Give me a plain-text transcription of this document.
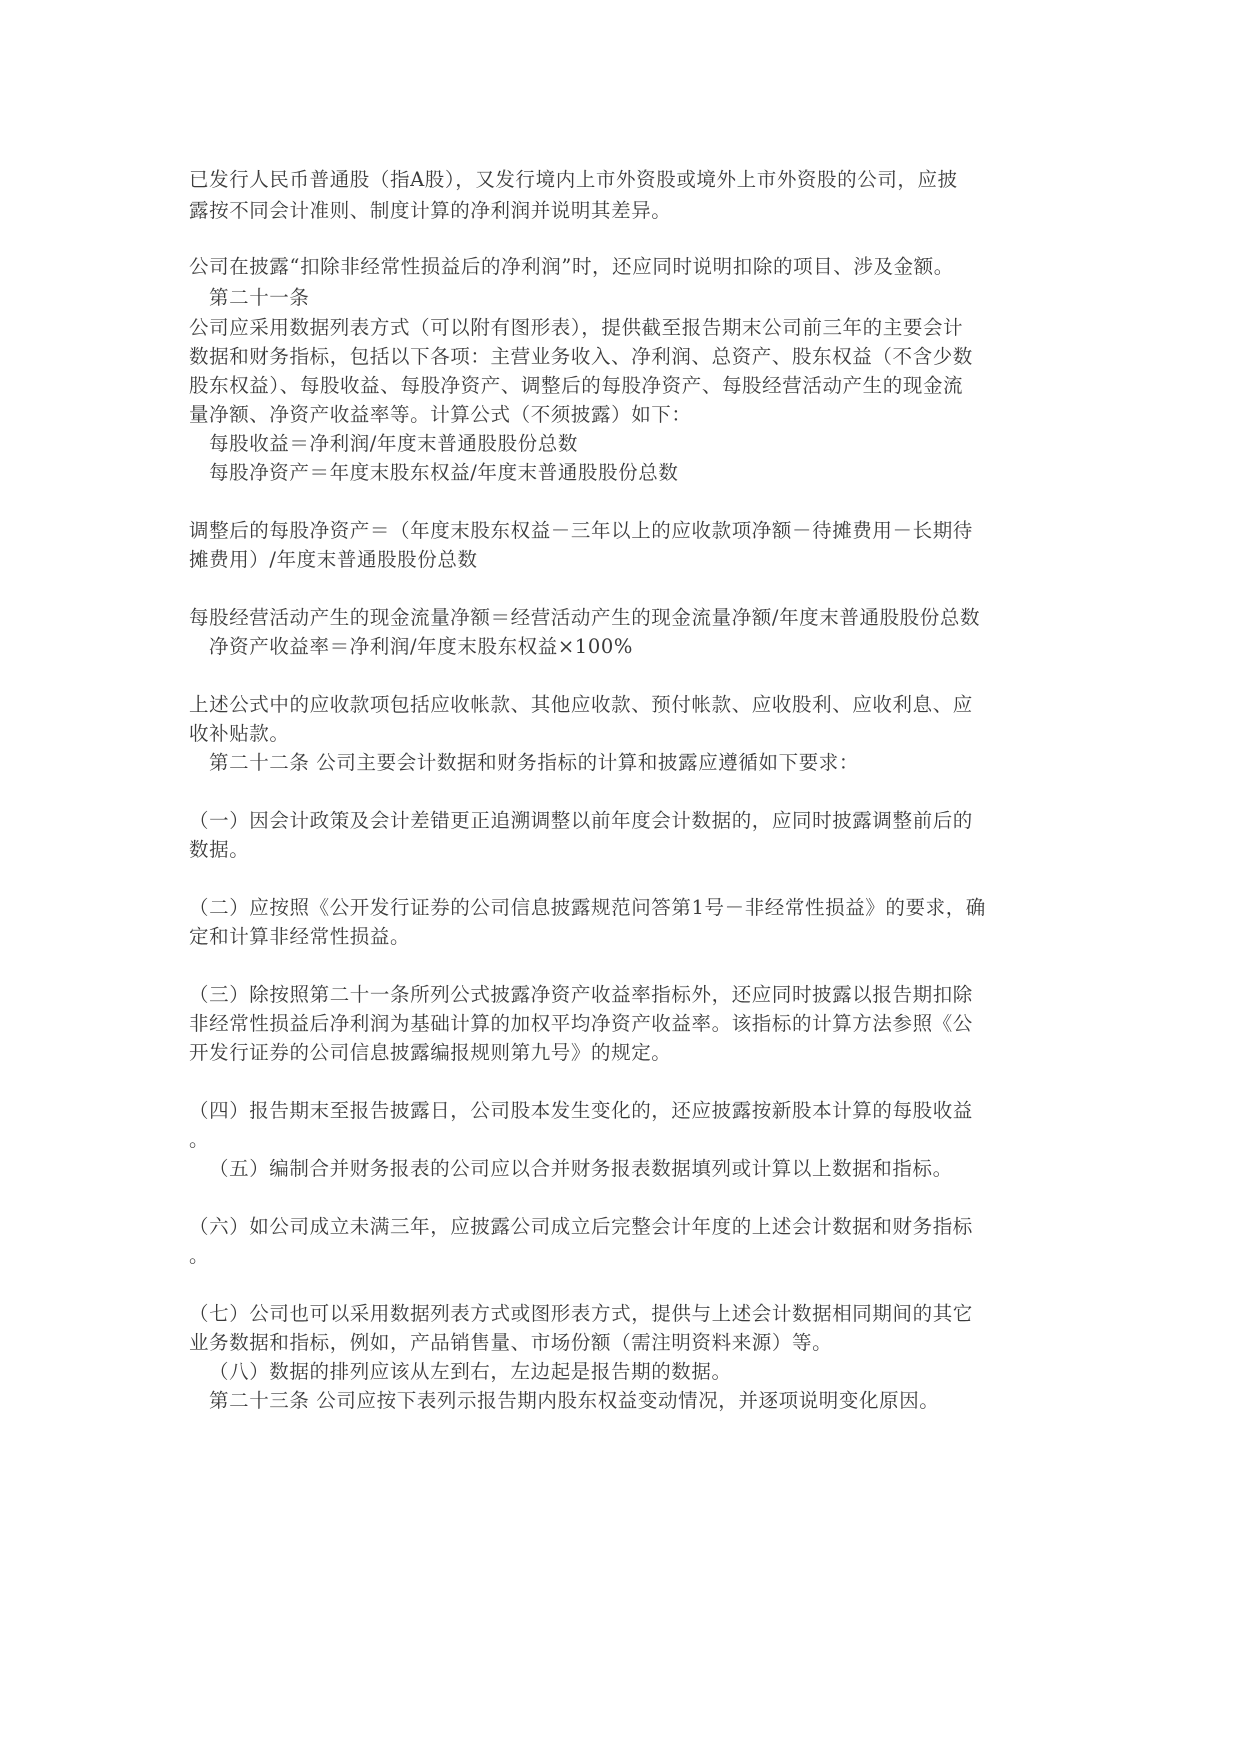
已发行人民币普通股（指A股），又发行境内上市外资股或境外上市外资股的公司，应披
露按不同会计准则、制度计算的净利润并说明其差异。
公司在披露“扣除非经常性损益后的净利润”时，还应同时说明扣除的项目、涉及金额。
第二十一条
公司应采用数据列表方式（可以附有图形表），提供截至报告期末公司前三年的主要会计
数据和财务指标，包括以下各项：主营业务收入、净利润、总资产、股东权益（不含少数
股东权益）、每股收益、每股净资产、调整后的每股净资产、每股经营活动产生的现金流
量净额、净资产收益率等。计算公式（不须披露）如下：
每股收益＝净利润/年度末普通股股份总数
每股净资产＝年度末股东权益/年度末普通股股份总数
调整后的每股净资产＝（年度末股东权益－三年以上的应收款项净额－待摊费用－长期待
摊费用）/年度末普通股股份总数
每股经营活动产生的现金流量净额＝经营活动产生的现金流量净额/年度末普通股股份总数
净资产收益率＝净利润/年度末股东权益×100%
上述公式中的应收款项包括应收帐款、其他应收款、预付帐款、应收股利、应收利息、应
收补贴款。
第二十二条 公司主要会计数据和财务指标的计算和披露应遵循如下要求：
（一）因会计政策及会计差错更正追溯调整以前年度会计数据的，应同时披露调整前后的
数据。
（二）应按照《公开发行证券的公司信息披露规范问答第1号－非经常性损益》的要求，确
定和计算非经常性损益。
（三）除按照第二十一条所列公式披露净资产收益率指标外，还应同时披露以报告期扣除
非经常性损益后净利润为基础计算的加权平均净资产收益率。该指标的计算方法参照《公
开发行证券的公司信息披露编报规则第九号》的规定。
（四）报告期末至报告披露日，公司股本发生变化的，还应披露按新股本计算的每股收益
。
（五）编制合并财务报表的公司应以合并财务报表数据填列或计算以上数据和指标。
（六）如公司成立未满三年，应披露公司成立后完整会计年度的上述会计数据和财务指标
。
（七）公司也可以采用数据列表方式或图形表方式，提供与上述会计数据相同期间的其它
业务数据和指标，例如，产品销售量、市场份额（需注明资料来源）等。
（八）数据的排列应该从左到右，左边起是报告期的数据。
第二十三条 公司应按下表列示报告期内股东权益变动情况，并逐项说明变化原因。
